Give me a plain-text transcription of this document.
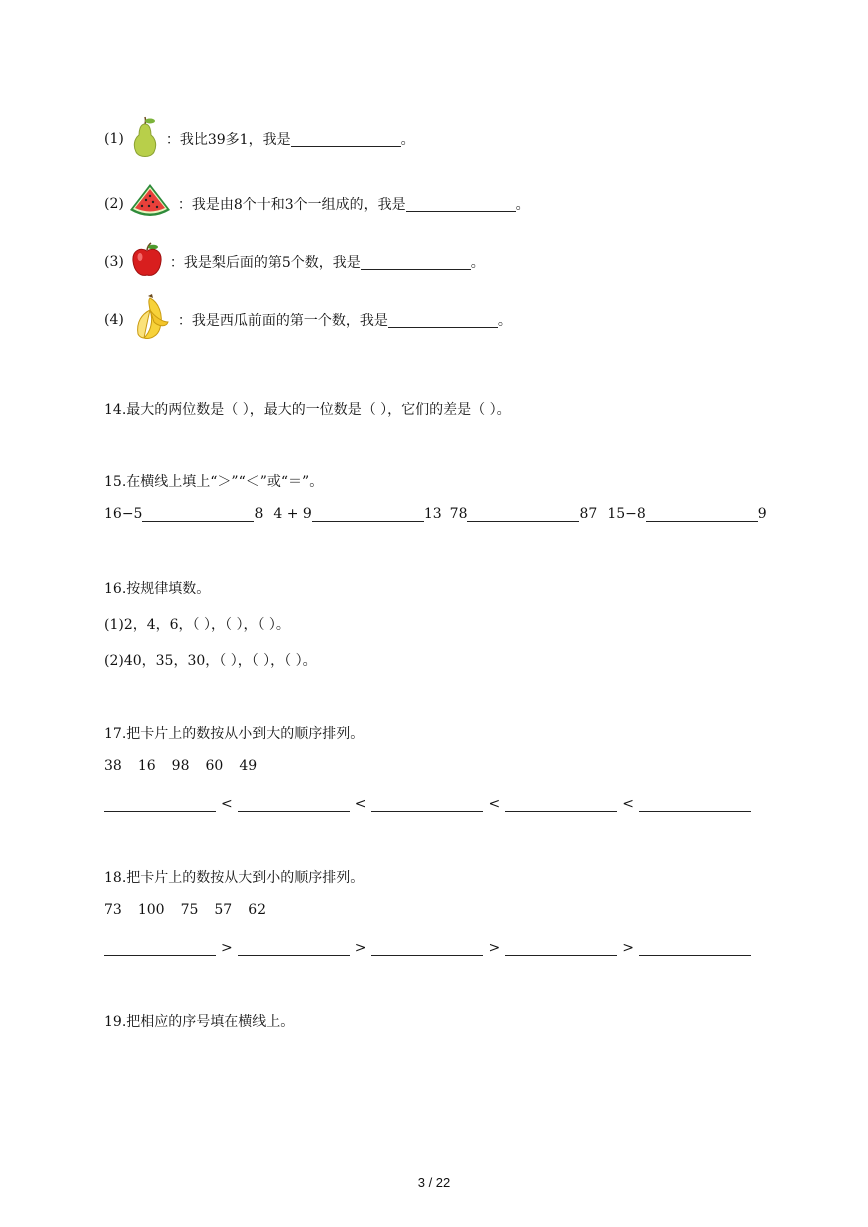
(1)	：我比39多1，我是	。
(2)	：我是由8个十和3个一组成的，我是	。
(3)	：我是梨后面的第5个数，我是	。
(4)	：我是西瓜前面的第一个数，我是	。
14.最大的两位数是（ ），最大的一位数是（ ），它们的差是（ ）。
15.在横线上填上“＞”“＜”或“＝”。
16−5	8 4 + 9	13 78	87 15−8	9
16.按规律填数。
(1)2，4，6，（ ），（ ），（ ）。
(2)40，35，30，（ ），（ ），（ ）。
17.把卡片上的数按从小到大的顺序排列。
38 16 98 60 49
<	<	<	<
18.把卡片上的数按从大到小的顺序排列。
73 100 75 57 62
>	>	>	>
19.把相应的序号填在横线上。
3 / 22
